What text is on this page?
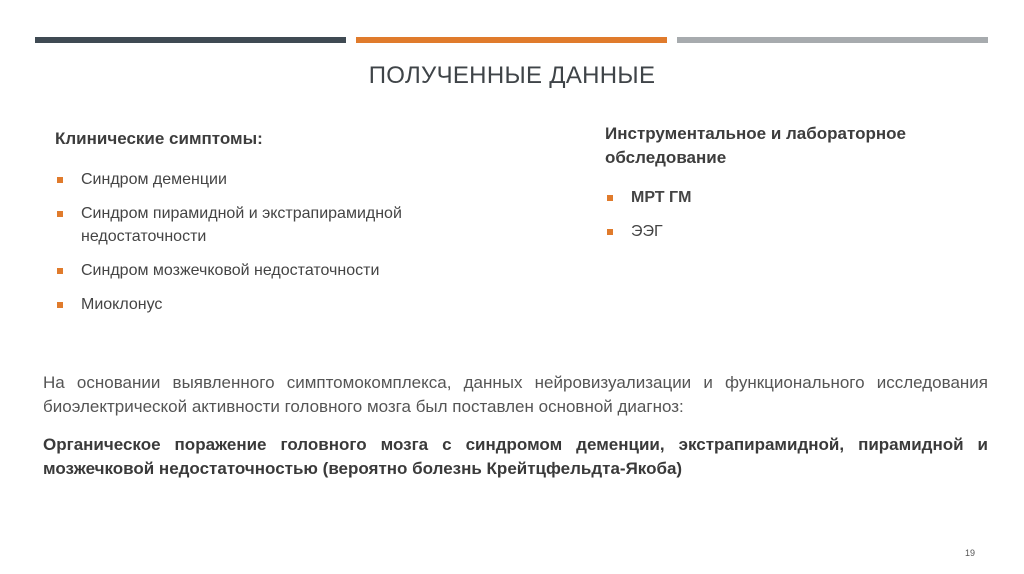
ПОЛУЧЕННЫЕ ДАННЫЕ
Клинические симптомы:
Синдром деменции
Синдром пирамидной и экстрапирамидной недостаточности
Синдром мозжечковой недостаточности
Миоклонус
Инструментальное и лабораторное обследование
МРТ ГМ
ЭЭГ

На основании выявленного симптомокомплекса, данных нейровизуализации и функционального исследования биоэлектрической активности головного мозга был поставлен основной диагноз:

Органическое поражение головного мозга с синдромом деменции, экстрапирамидной, пирамидной и мозжечковой недостаточностью (вероятно болезнь Крейтцфельдта-Якоба)

19
